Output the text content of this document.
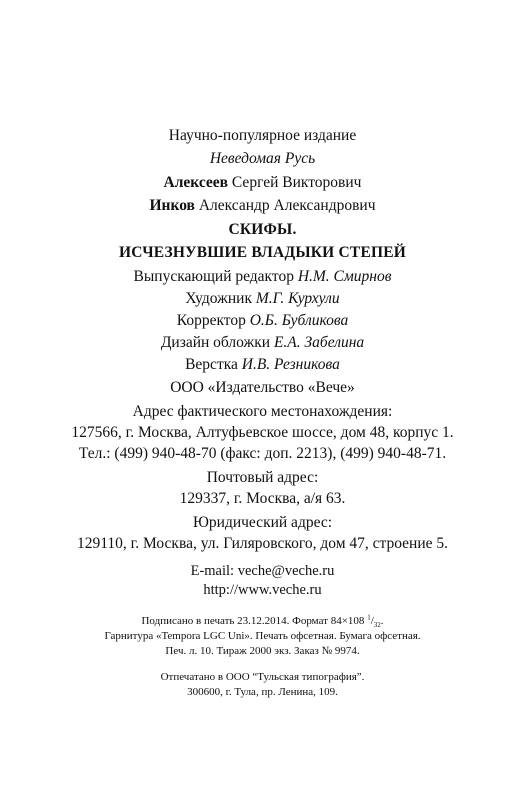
Научно-популярное издание
Неведомая Русь
Алексеев Сергей Викторович
Инков Александр Александрович
СКИФЫ.
ИСЧЕЗНУВШИЕ ВЛАДЫКИ СТЕПЕЙ
Выпускающий редактор Н.М. Смирнов
Художник М.Г. Курхули
Корректор О.Б. Бубликова
Дизайн обложки Е.А. Забелина
Верстка И.В. Резникова
ООО «Издательство «Вече»
Адрес фактического местонахождения:
127566, г. Москва, Алтуфьевское шоссе, дом 48, корпус 1.
Тел.: (499) 940-48-70 (факс: доп. 2213), (499) 940-48-71.
Почтовый адрес:
129337, г. Москва, а/я 63.
Юридический адрес:
129110, г. Москва, ул. Гиляровского, дом 47, строение 5.
E-mail: veche@veche.ru
http://www.veche.ru
Подписано в печать 23.12.2014. Формат 84×108 $^1/_{32}$.
Гарнитура «Tempora LGC Uni». Печать офсетная. Бумага офсетная.
Печ. л. 10. Тираж 2000 экз. Заказ № 9974.
Отпечатано в ООО “Тульская типография”.
300600, г. Тула, пр. Ленина, 109.
